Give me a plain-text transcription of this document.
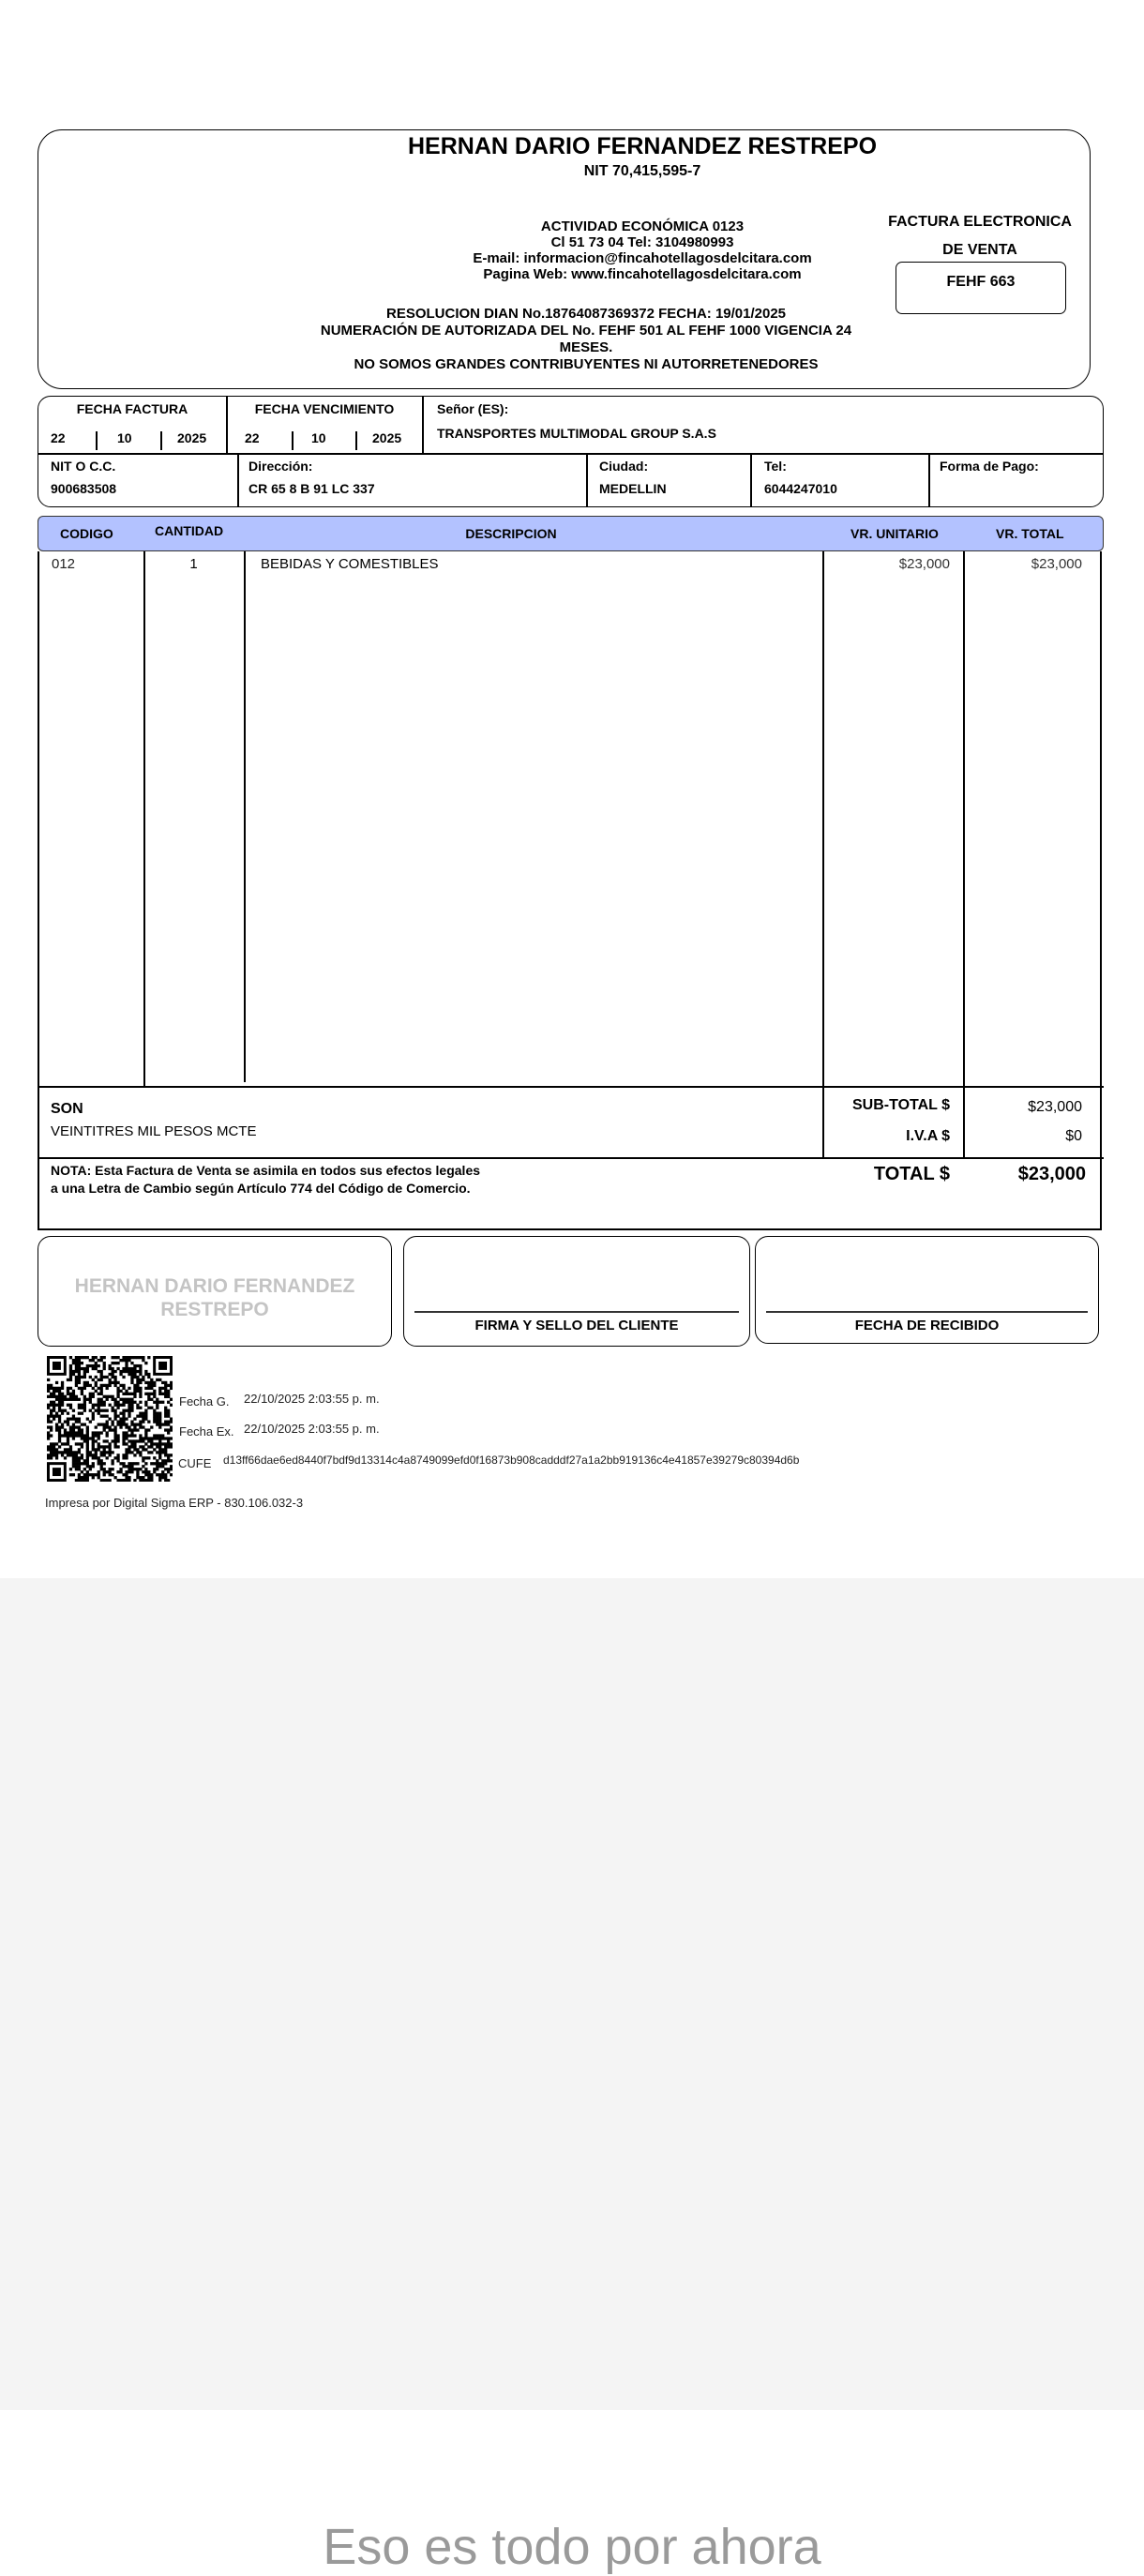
HERNAN DARIO FERNANDEZ RESTREPO
NIT 70,415,595-7
ACTIVIDAD ECONÓMICA 0123
Cl 51 73 04 Tel: 3104980993
E-mail: informacion@fincahotellagosdelcitara.com
Pagina Web: www.fincahotellagosdelcitara.com
RESOLUCION DIAN No.18764087369372 FECHA: 19/01/2025
NUMERACIÓN DE AUTORIZADA DEL No. FEHF 501 AL FEHF 1000 VIGENCIA 24
MESES.
NO SOMOS GRANDES CONTRIBUYENTES NI AUTORRETENEDORES
FACTURA ELECTRONICA
DE VENTA
FEHF 663
FECHA FACTURA
22	10	2025
FECHA VENCIMIENTO
22	10	2025
Señor (ES):
TRANSPORTES MULTIMODAL GROUP S.A.S
NIT O C.C.
900683508
Dirección:
CR 65 8 B 91 LC 337
Ciudad:
MEDELLIN
Tel:
6044247010
Forma de Pago:
CODIGO	CANTIDAD	DESCRIPCION	VR. UNITARIO	VR. TOTAL
012	1	BEBIDAS Y COMESTIBLES	$23,000	$23,000
SON
VEINTITRES MIL PESOS MCTE
SUB-TOTAL $	$23,000
I.V.A $	$0
NOTA: Esta Factura de Venta se asimila en todos sus efectos legales
a una Letra de Cambio según Artículo 774 del Código de Comercio.
TOTAL $	$23,000
HERNAN DARIO FERNANDEZ RESTREPO
FIRMA Y SELLO DEL CLIENTE	FECHA DE RECIBIDO
Fecha G. 22/10/2025 2:03:55 p. m.
Fecha Ex. 22/10/2025 2:03:55 p. m.
CUFE d13ff66dae6ed8440f7bdf9d13314c4a8749099efd0f16873b908cadddf27a1a2bb919136c4e41857e39279c80394d6b
Impresa por Digital Sigma ERP - 830.106.032-3
Eso es todo por ahora
